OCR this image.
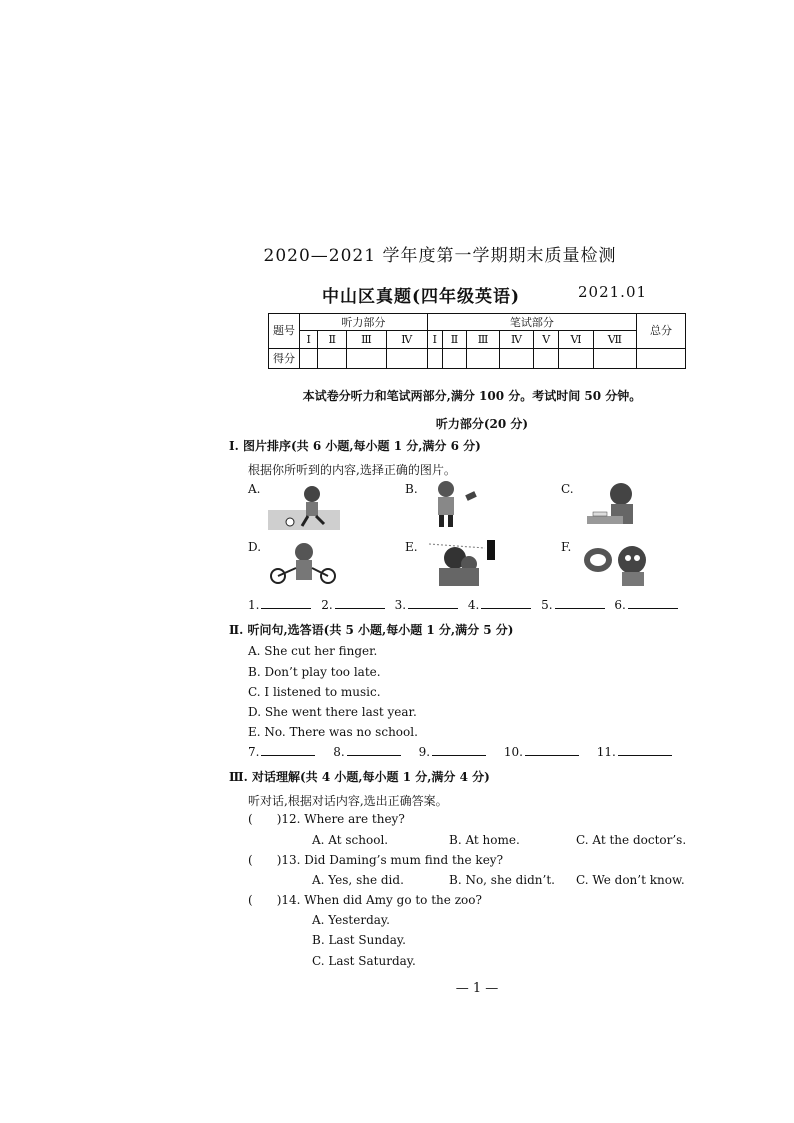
2020—2021 学年度第一学期期末质量检测
中山区真题(四年级英语)	2021.01
题号	听力部分				笔试部分							总分
	Ⅰ	Ⅱ	Ⅲ	Ⅳ	Ⅰ	Ⅱ	Ⅲ	Ⅳ	Ⅴ	Ⅵ	Ⅶ	
得分												
本试卷分听力和笔试两部分,满分 100 分。考试时间 50 分钟。
听力部分(20 分)
Ⅰ. 图片排序(共 6 小题,每小题 1 分,满分 6 分)
根据你所听到的内容,选择正确的图片。
A.	B.	C.
D.	E.	F.
1.	2.	3.	4.	5.	6.
Ⅱ. 听问句,选答语(共 5 小题,每小题 1 分,满分 5 分)
A. She cut her finger.
B. Don’t play too late.
C. I listened to music.
D. She went there last year.
E. No. There was no school.
7.	8.	9.	10.	11.
Ⅲ. 对话理解(共 4 小题,每小题 1 分,满分 4 分)
听对话,根据对话内容,选出正确答案。
( )12. Where are they?
A. At school.	B. At home.	C. At the doctor’s.
( )13. Did Daming’s mum find the key?
A. Yes, she did.	B. No, she didn’t. C. We don’t know.
( )14. When did Amy go to the zoo?
A. Yesterday.
B. Last Sunday.
C. Last Saturday.
— 1 —
